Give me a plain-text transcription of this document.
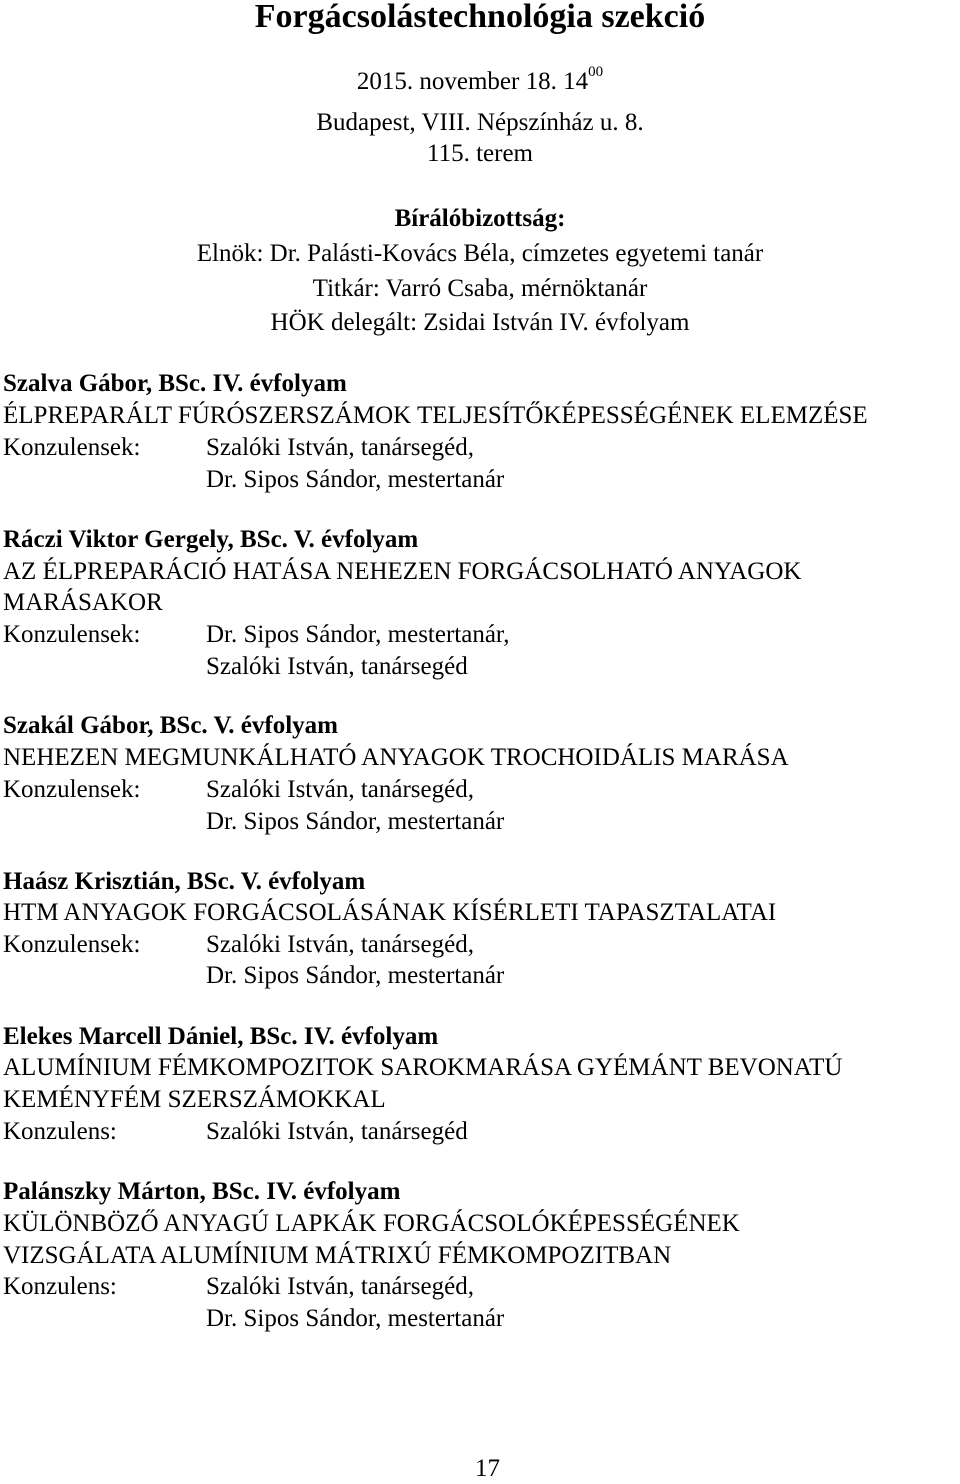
Forgácsolástechnológia szekció
2015. november 18. $14^{00}$
Budapest, VIII. Népszínház u. 8.
115. terem
Bírálóbizottság:
Elnök: Dr. Palásti-Kovács Béla, címzetes egyetemi tanár
Titkár: Varró Csaba, mérnöktanár
HÖK delegált: Zsidai István IV. évfolyam
Szalva Gábor, BSc. IV. évfolyam
ÉLPREPARÁLT FÚRÓSZERSZÁMOK TELJESÍTŐKÉPESSÉGÉNEK ELEMZÉSE
Konzulensek:	Szalóki István, tanársegéd,
Dr. Sipos Sándor, mestertanár
Ráczi Viktor Gergely, BSc. V. évfolyam
AZ ÉLPREPARÁCIÓ HATÁSA NEHEZEN FORGÁCSOLHATÓ ANYAGOK
MARÁSAKOR
Konzulensek:	Dr. Sipos Sándor, mestertanár,
Szalóki István, tanársegéd
Szakál Gábor, BSc. V. évfolyam
NEHEZEN MEGMUNKÁLHATÓ ANYAGOK TROCHOIDÁLIS MARÁSA
Konzulensek:	Szalóki István, tanársegéd,
Dr. Sipos Sándor, mestertanár
Haász Krisztián, BSc. V. évfolyam
HTM ANYAGOK FORGÁCSOLÁSÁNAK KÍSÉRLETI TAPASZTALATAI
Konzulensek:	Szalóki István, tanársegéd,
Dr. Sipos Sándor, mestertanár
Elekes Marcell Dániel, BSc. IV. évfolyam
ALUMÍNIUM FÉMKOMPOZITOK SAROKMARÁSA GYÉMÁNT BEVONATÚ
KEMÉNYFÉM SZERSZÁMOKKAL
Konzulens:	Szalóki István, tanársegéd
Palánszky Márton, BSc. IV. évfolyam
KÜLÖNBÖZŐ ANYAGÚ LAPKÁK FORGÁCSOLÓKÉPESSÉGÉNEK
VIZSGÁLATA ALUMÍNIUM MÁTRIXÚ FÉMKOMPOZITBAN
Konzulens:	Szalóki István, tanársegéd,
Dr. Sipos Sándor, mestertanár
17
